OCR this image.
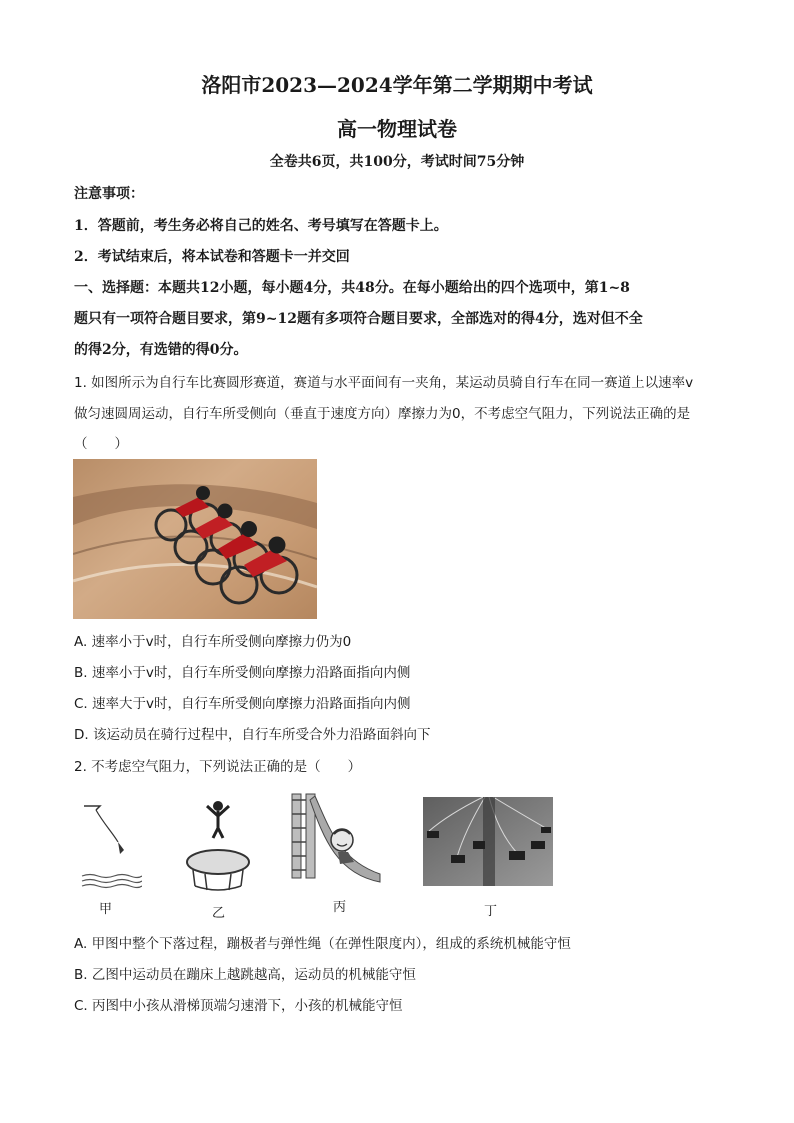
洛阳市2023—2024学年第二学期期中考试
高一物理试卷
全卷共6页，共100分，考试时间75分钟
注意事项：
1．答题前，考生务必将自己的姓名、考号填写在答题卡上。
2．考试结束后，将本试卷和答题卡一并交回
一、选择题：本题共12小题，每小题4分，共48分。在每小题给出的四个选项中，第1~8
题只有一项符合题目要求，第9~12题有多项符合题目要求，全部选对的得4分，选对但不全
的得2分，有选错的得0分。
1. 如图所示为自行车比赛圆形赛道，赛道与水平面间有一夹角，某运动员骑自行车在同一赛道上以速率v
做匀速圆周运动，自行车所受侧向（垂直于速度方向）摩擦力为0，不考虑空气阻力，下列说法正确的是
（　　）
A. 速率小于v时，自行车所受侧向摩擦力仍为0
B. 速率小于v时，自行车所受侧向摩擦力沿路面指向内侧
C. 速率大于v时，自行车所受侧向摩擦力沿路面指向内侧
D. 该运动员在骑行过程中，自行车所受合外力沿路面斜向下
2. 不考虑空气阻力，下列说法正确的是（　　）
甲	乙	丙	丁
A. 甲图中整个下落过程，蹦极者与弹性绳（在弹性限度内），组成的系统机械能守恒
B. 乙图中运动员在蹦床上越跳越高，运动员的机械能守恒
C. 丙图中小孩从滑梯顶端匀速滑下，小孩的机械能守恒
